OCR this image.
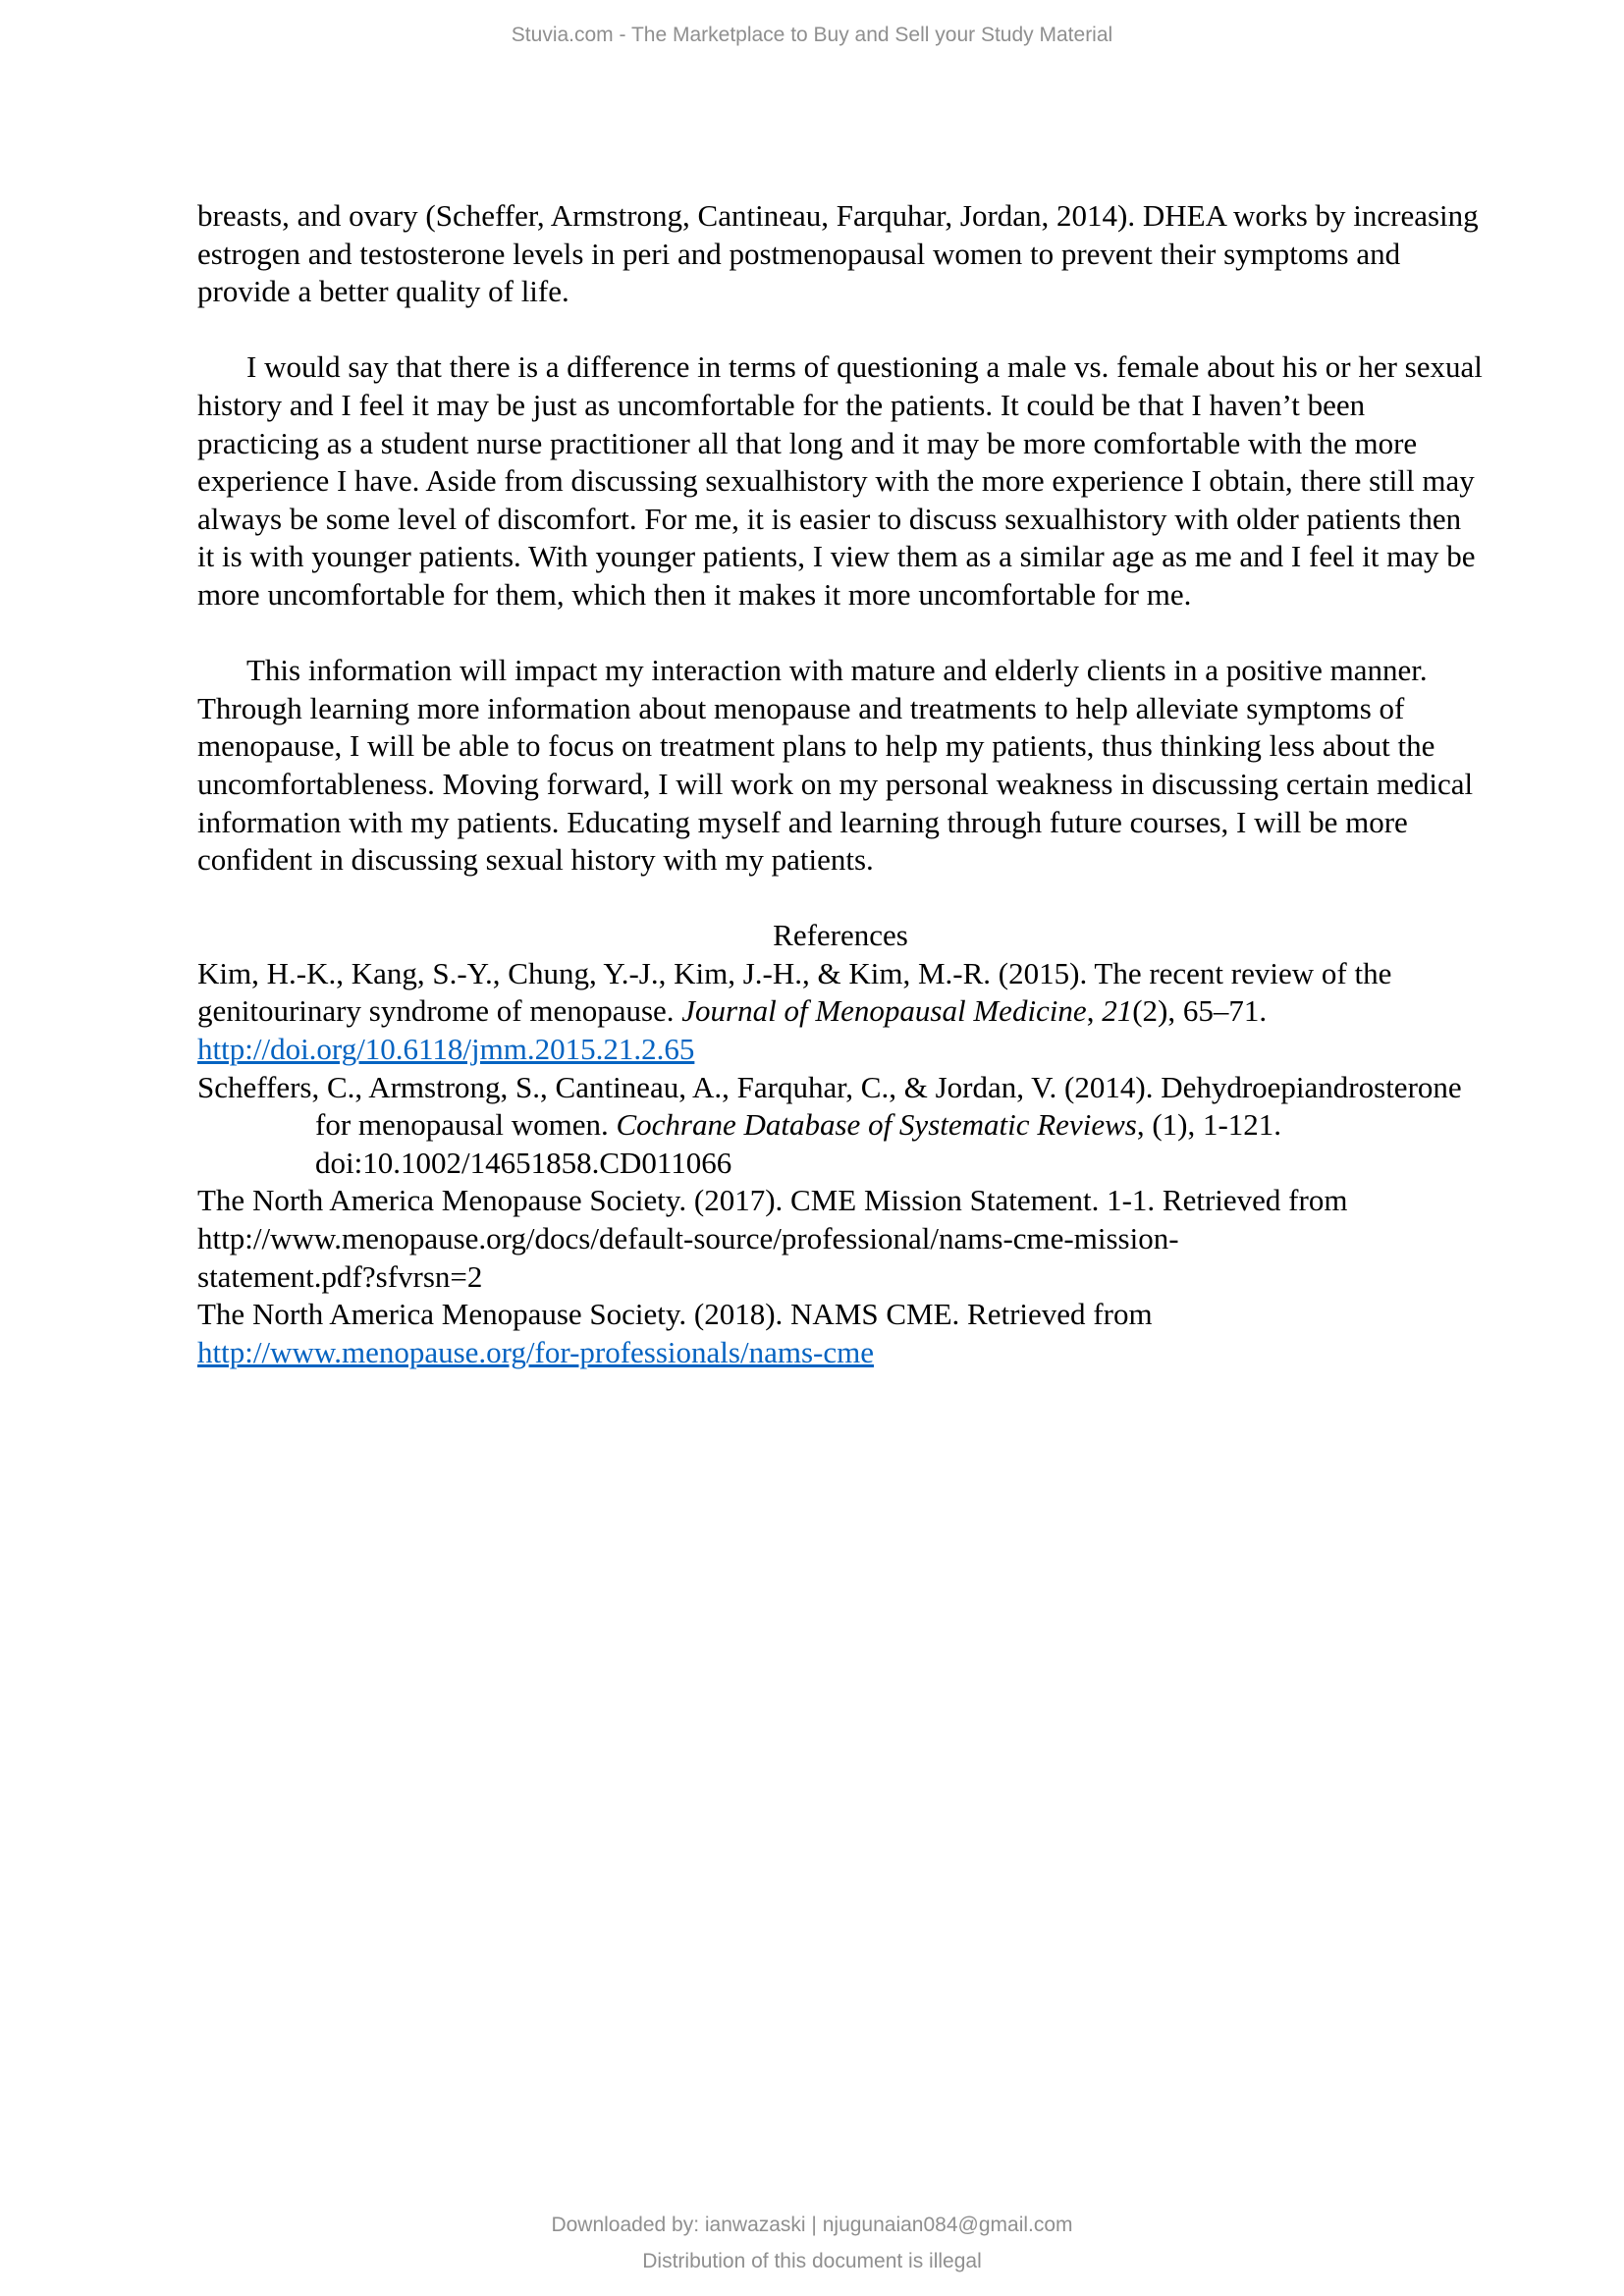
Stuvia.com - The Marketplace to Buy and Sell your Study Material

breasts, and ovary (Scheffer, Armstrong, Cantineau, Farquhar, Jordan, 2014). DHEA works by increasing estrogen and testosterone levels in peri and postmenopausal women to prevent their symptoms and provide a better quality of life.

I would say that there is a difference in terms of questioning a male vs. female about his or her sexual history and I feel it may be just as uncomfortable for the patients. It could be that I haven’t been practicing as a student nurse practitioner all that long and it may be more comfortable with the more experience I have. Aside from discussing sexualhistory with the more experience I obtain, there still may always be some level of discomfort. For me, it is easier to discuss sexualhistory with older patients then it is with younger patients. With younger patients, I view them as a similar age as me and I feel it may be more uncomfortable for them, which then it makes it more uncomfortable for me.

This information will impact my interaction with mature and elderly clients in a positive manner. Through learning more information about menopause and treatments to help alleviate symptoms of menopause, I will be able to focus on treatment plans to help my patients, thus thinking less about the uncomfortableness. Moving forward, I will work on my personal weakness in discussing certain medical information with my patients. Educating myself and learning through future courses, I will be more confident in discussing sexual history with my patients.

References

Kim, H.-K., Kang, S.-Y., Chung, Y.-J., Kim, J.-H., & Kim, M.-R. (2015). The recent review of the genitourinary syndrome of menopause. Journal of Menopausal Medicine, 21(2), 65–71. http://doi.org/10.6118/jmm.2015.21.2.65

Scheffers, C., Armstrong, S., Cantineau, A., Farquhar, C., & Jordan, V. (2014). Dehydroepiandrosterone for menopausal women. Cochrane Database of Systematic Reviews, (1), 1-121. doi:10.1002/14651858.CD011066

The North America Menopause Society. (2017). CME Mission Statement. 1-1. Retrieved from
http://www.menopause.org/docs/default-source/professional/nams-cme-mission-
statement.pdf?sfvrsn=2

The North America Menopause Society. (2018). NAMS CME. Retrieved from
http://www.menopause.org/for-professionals/nams-cme

Downloaded by: ianwazaski | njugunaian084@gmail.com

Distribution of this document is illegal
